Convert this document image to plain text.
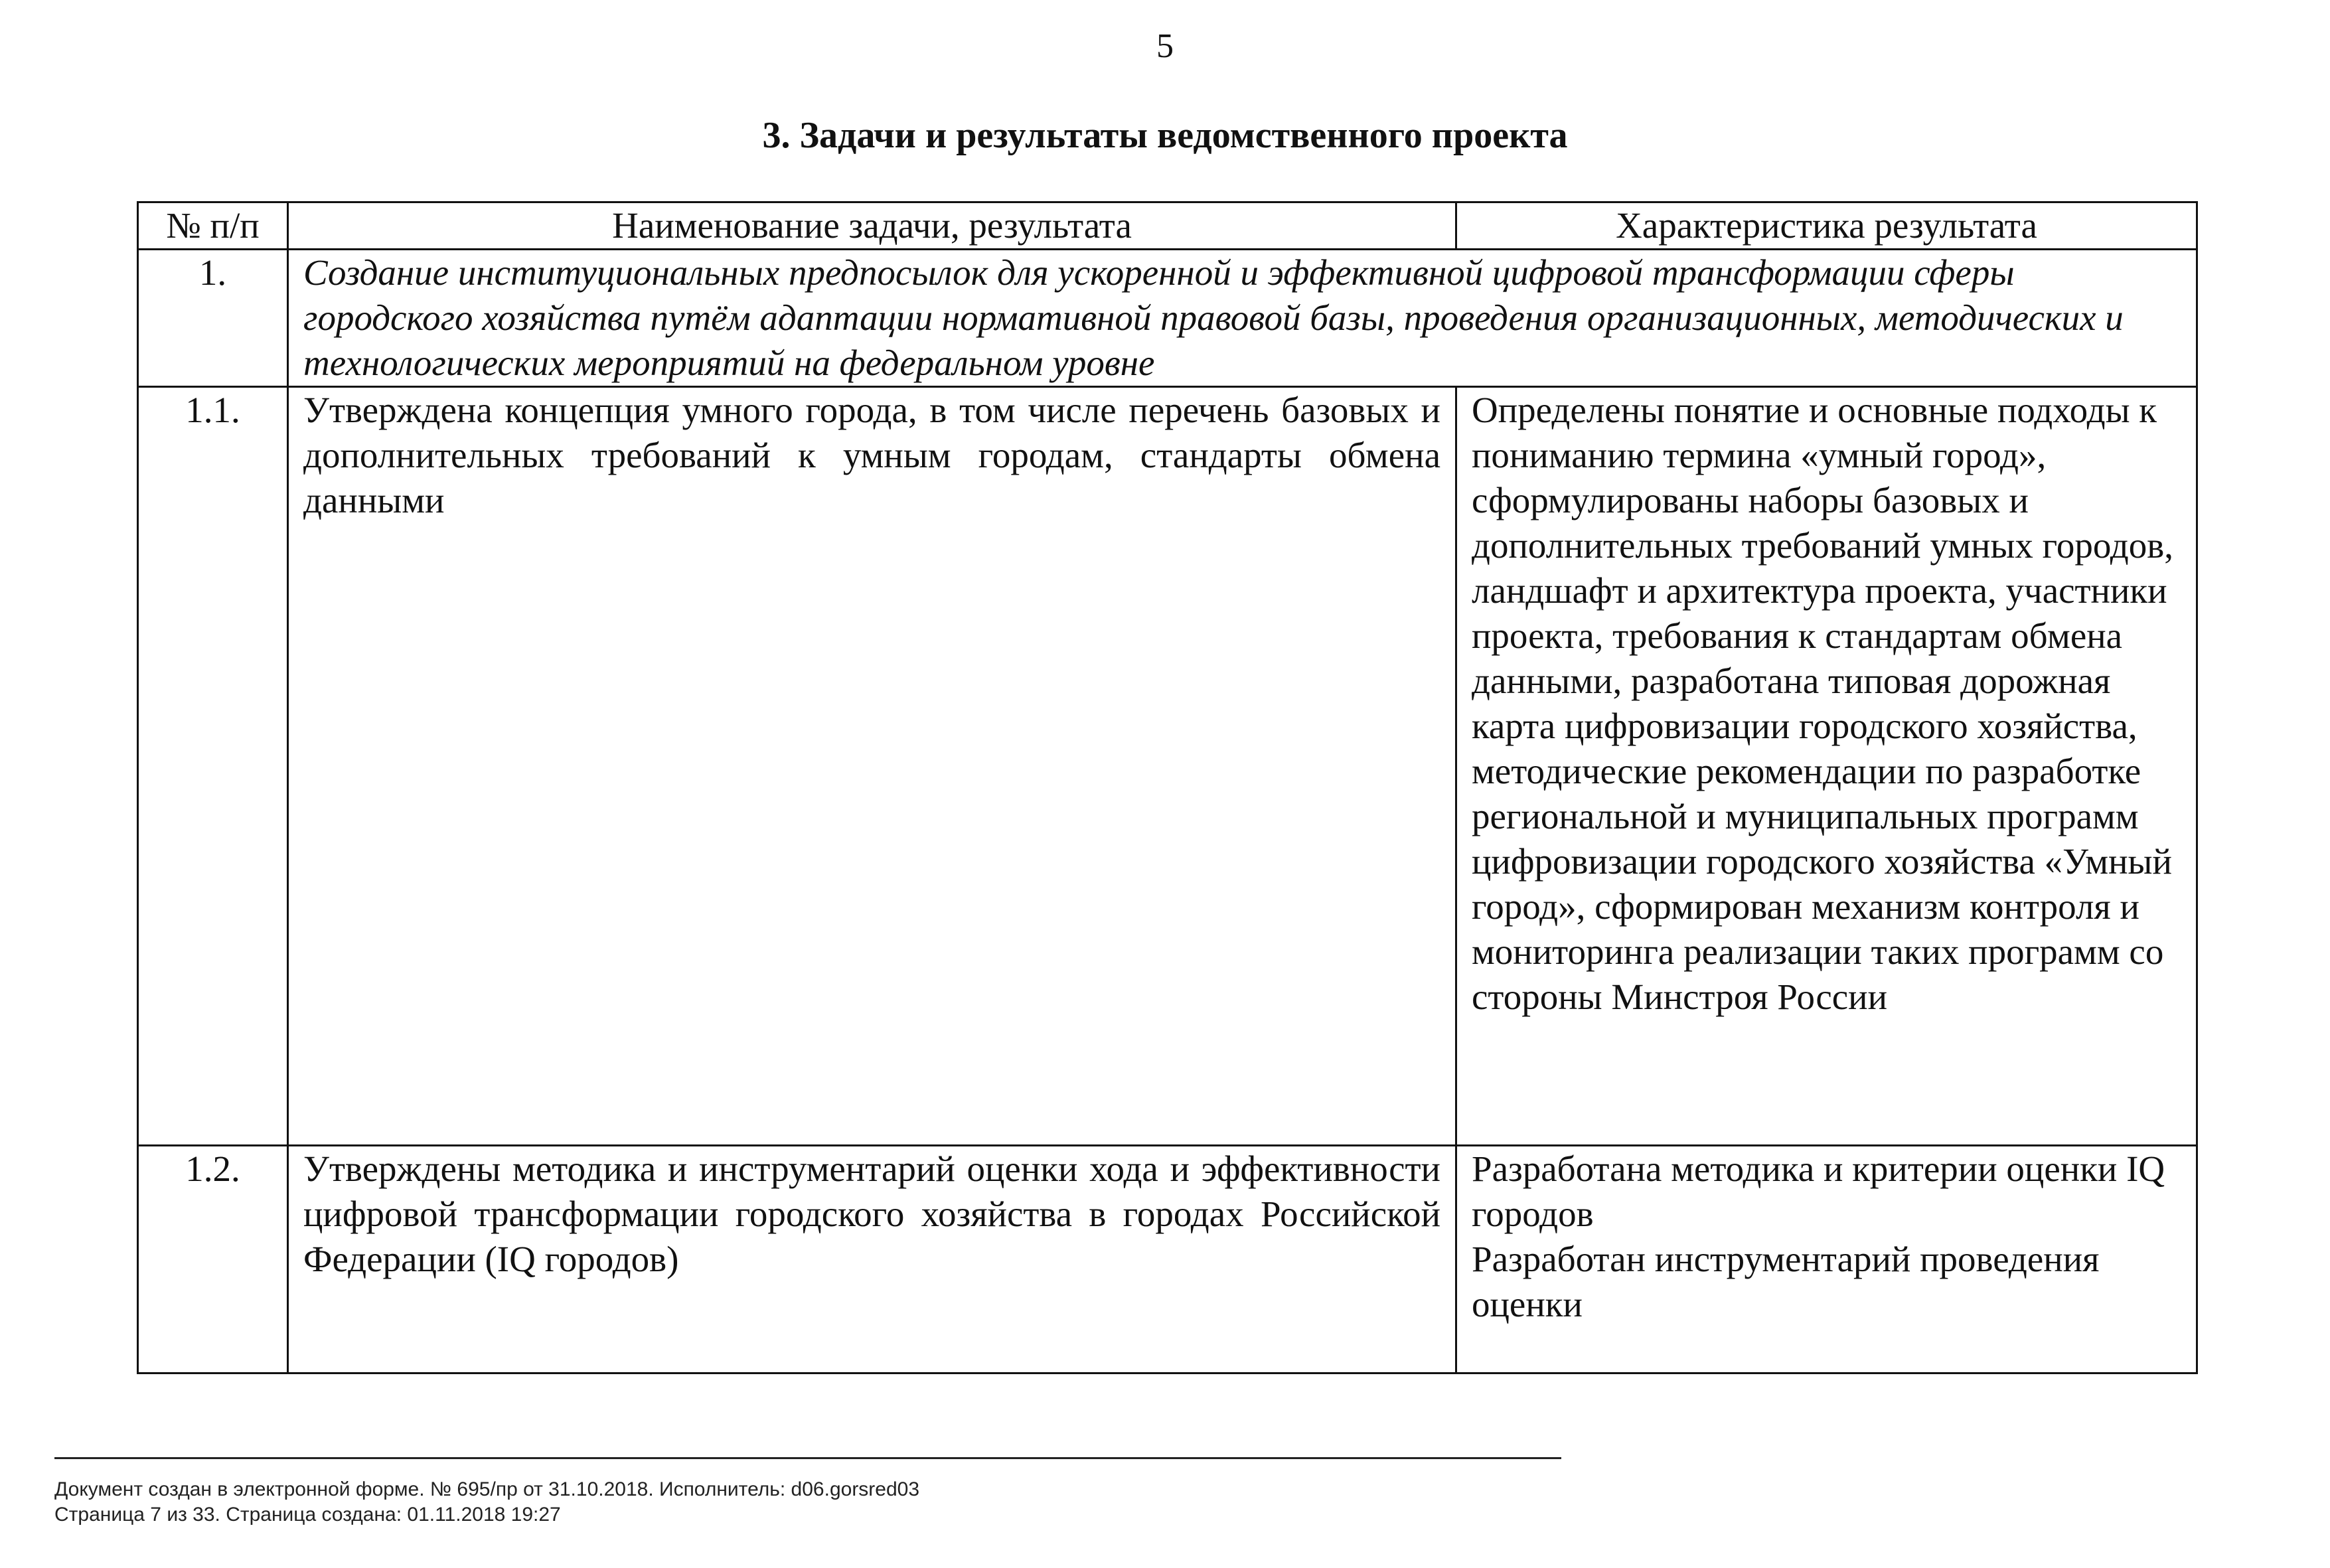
5
3. Задачи и результаты ведомственного проекта
№ п/п	Наименование задачи, результата	Характеристика результата
1.	Создание институциональных предпосылок для ускоренной и эффективной цифровой трансформации сферы городского хозяйства путём адаптации нормативной правовой базы, проведения организационных, методических и технологических мероприятий на федеральном уровне	
1.1.	Утверждена концепция умного города, в том числе перечень базовых и дополнительных требований к умным городам, стандарты обмена данными	Определены понятие и основные подходы к пониманию термина «умный город», сформулированы наборы базовых и дополнительных требований умных городов, ландшафт и архитектура проекта, участники проекта, требования к стандартам обмена данными, разработана типовая дорожная карта цифровизации городского хозяйства, методические рекомендации по разработке региональной и муниципальных программ цифровизации городского хозяйства «Умный город», сформирован механизм контроля и мониторинга реализации таких программ со стороны Минстроя России
1.2.	Утверждены методика и инструментарий оценки хода и эффективности цифровой трансформации городского хозяйства в городах Российской Федерации (IQ городов)	Разработана методика и критерии оценки IQ городов
Разработан инструментарий проведения оценки
Документ создан в электронной форме. № 695/пр от 31.10.2018. Исполнитель: d06.gorsred03
Страница 7 из 33. Страница создана: 01.11.2018 19:27
